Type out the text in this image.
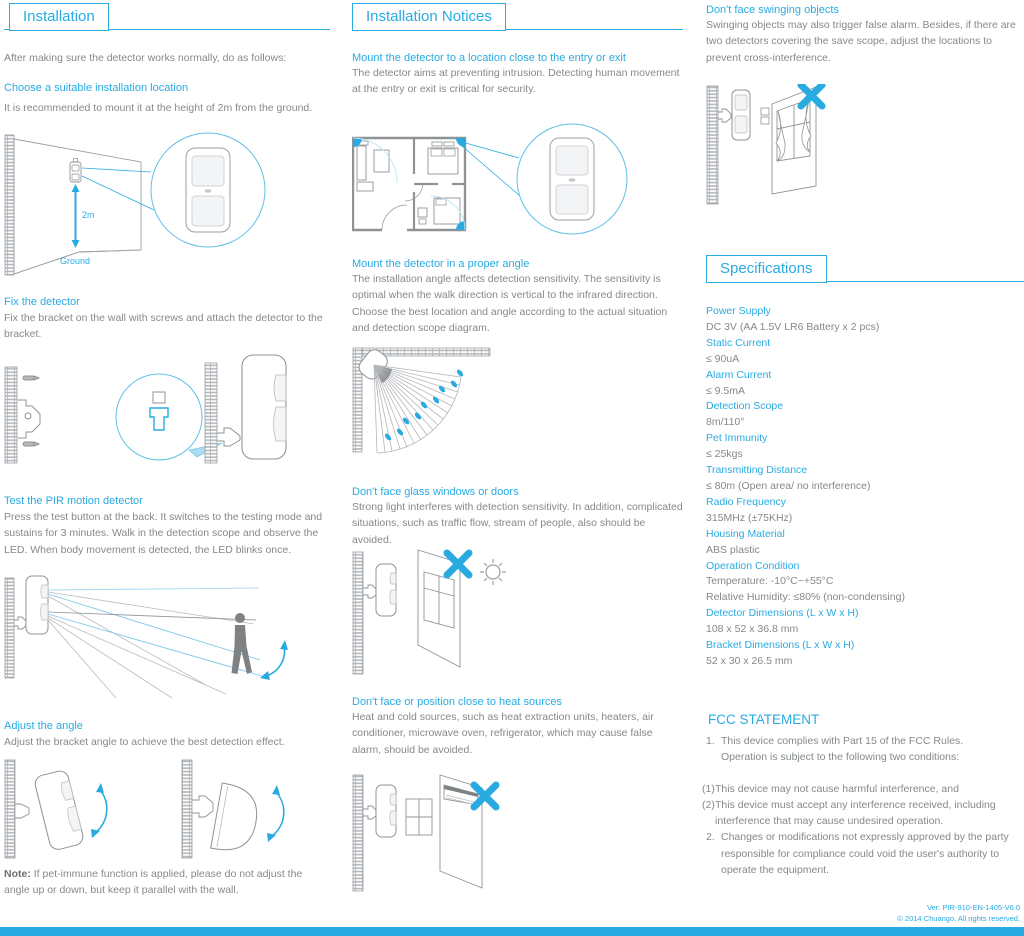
Installation
After making sure the detector works normally, do as follows:
Choose a suitable installation location
It is recommended to mount it at the height of 2m from the ground.
2m
Ground
Fix the detector
Fix the bracket on the wall with screws and attach the detector to the bracket.
Test the PIR motion detector
Press the test button at the back. It switches to the testing mode and sustains for 3 minutes. Walk in the detection scope and observe the LED. When body movement is detected, the LED blinks once.
Adjust the angle
Adjust the bracket angle to achieve the best detection effect.
Note: If pet-immune function is applied, please do not adjust the angle up or down, but keep it parallel with the wall.
Installation Notices
Mount the detector to a location close to the entry or exit
The detector aims at preventing intrusion. Detecting human movement at the entry or exit is critical for security.
Mount the detector in a proper angle
The installation angle affects detection sensitivity. The sensitivity is optimal when the walk direction is vertical to the infrared direction. Choose the best location and angle according to the actual situation and detection scope diagram.
Don't face glass windows or doors
Strong light interferes with detection sensitivity. In addition, complicated situations, such as traffic flow, stream of people, also should be avoided.
Don't face or position close to heat sources
Heat and cold sources, such as heat extraction units, heaters, air conditioner, microwave oven, refrigerator, which may cause false alarm, should be avoided.
Don't face swinging objects
Swinging objects may also trigger false alarm. Besides, if there are two detectors covering the save scope, adjust the locations to prevent cross-interference.
Specifications
Power Supply
DC 3V (AA 1.5V LR6 Battery x 2 pcs)
Static Current
≤ 90uA
Alarm Current
≤ 9.5mA
Detection Scope
8m/110°
Pet Immunity
≤ 25kgs
Transmitting Distance
≤ 80m (Open area/ no interference)
Radio Frequency
315MHz (±75KHz)
Housing Material
ABS plastic
Operation Condition
Temperature: -10°C~+55°C
Relative Humidity: ≤80% (non-condensing)
Detector Dimensions (L x W x H)
108 x 52 x 36.8 mm
Bracket Dimensions (L x W x H)
52 x 30 x 26.5 mm
FCC STATEMENT
1. This device complies with Part 15 of the FCC Rules.
Operation is subject to the following two conditions:
(1) This device may not cause harmful interference, and
(2) This device must accept any interference received, including interference that may cause undesired operation.
2. Changes or modifications not expressly approved by the party responsible for compliance could void the user's authority to operate the equipment.
Ver: PIR-910-EN-1405-V6.0
© 2014 Chuango. All rights reserved.
